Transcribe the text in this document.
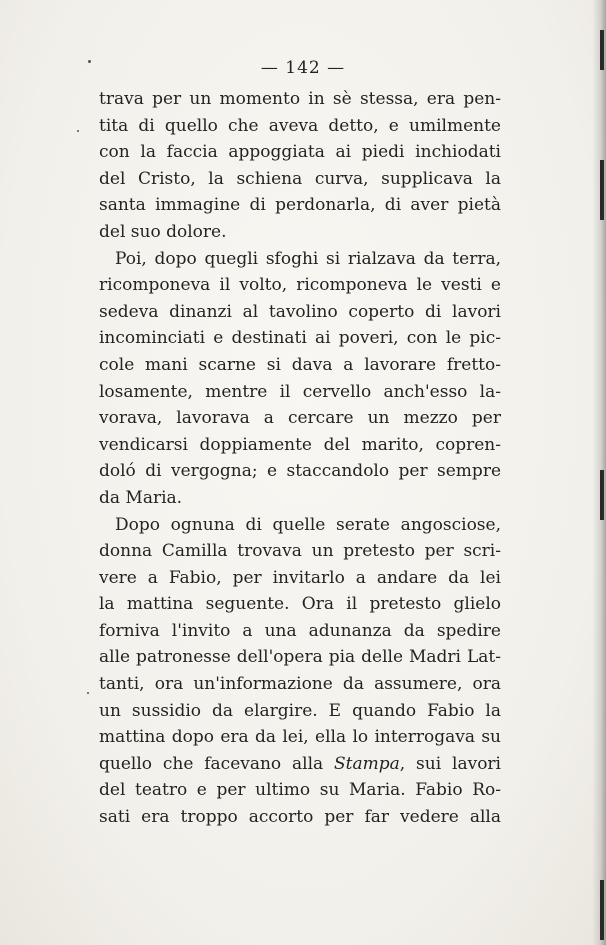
— 142 —

trava per un momento in sè stessa, era pen-
tita di quello che aveva detto, e umilmente
con la faccia appoggiata ai piedi inchiodati
del Cristo, la schiena curva, supplicava la
santa immagine di perdonarla, di aver pietà
del suo dolore.

Poi, dopo quegli sfoghi si rialzava da terra,
ricomponeva il volto, ricomponeva le vesti e
sedeva dinanzi al tavolino coperto di lavori
incominciati e destinati ai poveri, con le pic-
cole mani scarne si dava a lavorare fretto-
losamente, mentre il cervello anch'esso la-
vorava, lavorava a cercare un mezzo per
vendicarsi doppiamente del marito, copren-
doló di vergogna; e staccandolo per sempre
da Maria.

Dopo ognuna di quelle serate angosciose,
donna Camilla trovava un pretesto per scri-
vere a Fabio, per invitarlo a andare da lei
la mattina seguente. Ora il pretesto glielo
forniva l'invito a una adunanza da spedire
alle patronesse dell'opera pia delle Madri Lat-
tanti, ora un'informazione da assumere, ora
un sussidio da elargire. E quando Fabio la
mattina dopo era da lei, ella lo interrogava su
quello che facevano alla Stampa, sui lavori
del teatro e per ultimo su Maria. Fabio Ro-
sati era troppo accorto per far vedere alla
